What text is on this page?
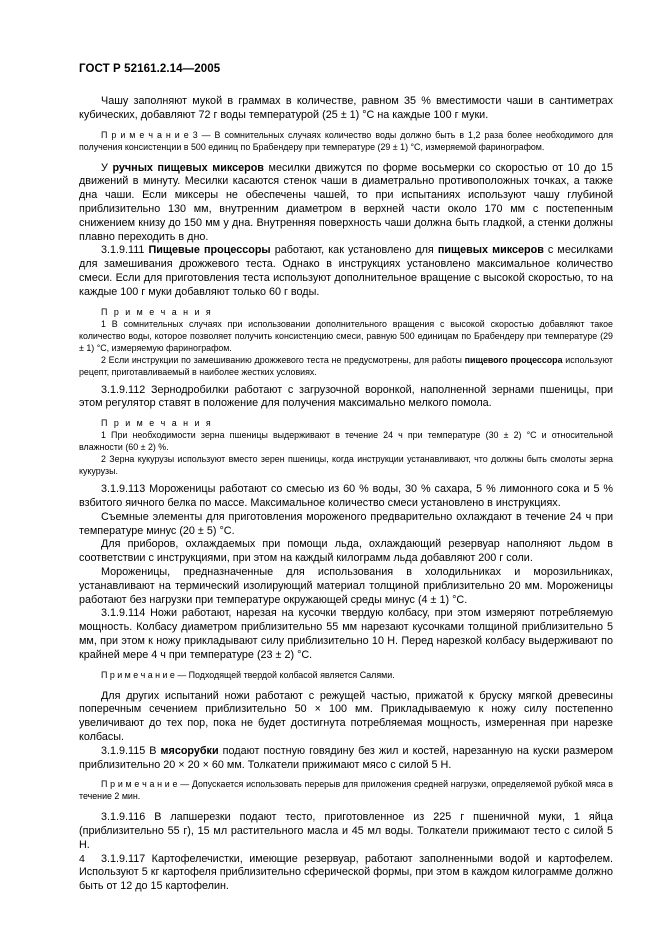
ГОСТ Р 52161.2.14—2005

Чашу заполняют мукой в граммах в количестве, равном 35 % вместимости чаши в сантиметрах кубических, добавляют 72 г воды температурой (25 ± 1) °С на каждые 100 г муки.

П р и м е ч а н и е 3 — В сомнительных случаях количество воды должно быть в 1,2 раза более необходимого для получения консистенции в 500 единиц по Брабендеру при температуре (29 ± 1) °С, измеряемой фаринографом.

У ручных пищевых миксеров месилки движутся по форме восьмерки со скоростью от 10 до 15 движений в минуту. Месилки касаются стенок чаши в диаметрально противоположных точках, а также дна чаши. Если миксеры не обеспечены чашей, то при испытаниях используют чашу глубиной приблизительно 130 мм, внутренним диаметром в верхней части около 170 мм с постепенным снижением книзу до 150 мм у дна. Внутренняя поверхность чаши должна быть гладкой, а стенки должны плавно переходить в дно.

3.1.9.111 Пищевые процессоры работают, как установлено для пищевых миксеров с месилками для замешивания дрожжевого теста. Однако в инструкциях установлено максимальное количество смеси. Если для приготовления теста используют дополнительное вращение с высокой скоростью, то на каждые 100 г муки добавляют только 60 г воды.

П р и м е ч а н и я

1 В сомнительных случаях при использовании дополнительного вращения с высокой скоростью добавляют такое количество воды, которое позволяет получить консистенцию смеси, равную 500 единицам по Брабендеру при температуре (29 ± 1) °С, измеряемую фаринографом.

2 Если инструкции по замешиванию дрожжевого теста не предусмотрены, для работы пищевого процессора используют рецепт, приготавливаемый в наиболее жестких условиях.

3.1.9.112 Зернодробилки работают с загрузочной воронкой, наполненной зернами пшеницы, при этом регулятор ставят в положение для получения максимально мелкого помола.

П р и м е ч а н и я

1 При необходимости зерна пшеницы выдерживают в течение 24 ч при температуре (30 ± 2) °С и относительной влажности (60 ± 2) %.

2 Зерна кукурузы используют вместо зерен пшеницы, когда инструкции устанавливают, что должны быть смолоты зерна кукурузы.

3.1.9.113 Мороженицы работают со смесью из 60 % воды, 30 % сахара, 5 % лимонного сока и 5 % взбитого яичного белка по массе. Максимальное количество смеси установлено в инструкциях.

Съемные элементы для приготовления мороженого предварительно охлаждают в течение 24 ч при температуре минус (20 ± 5) °С.

Для приборов, охлаждаемых при помощи льда, охлаждающий резервуар наполняют льдом в соответствии с инструкциями, при этом на каждый килограмм льда добавляют 200 г соли.

Мороженицы, предназначенные для использования в холодильниках и морозильниках, устанавливают на термический изолирующий материал толщиной приблизительно 20 мм. Мороженицы работают без нагрузки при температуре окружающей среды минус (4 ± 1) °С.

3.1.9.114 Ножи работают, нарезая на кусочки твердую колбасу, при этом измеряют потребляемую мощность. Колбасу диаметром приблизительно 55 мм нарезают кусочками толщиной приблизительно 5 мм, при этом к ножу прикладывают силу приблизительно 10 Н. Перед нарезкой колбасу выдерживают по крайней мере 4 ч при температуре (23 ± 2) °С.

П р и м е ч а н и е — Подходящей твердой колбасой является Салями.

Для других испытаний ножи работают с режущей частью, прижатой к бруску мягкой древесины поперечным сечением приблизительно 50 × 100 мм. Прикладываемую к ножу силу постепенно увеличивают до тех пор, пока не будет достигнута потребляемая мощность, измеренная при нарезке колбасы.

3.1.9.115 В мясорубки подают постную говядину без жил и костей, нарезанную на куски размером приблизительно 20 × 20 × 60 мм. Толкатели прижимают мясо с силой 5 Н.

П р и м е ч а н и е — Допускается использовать перерыв для приложения средней нагрузки, определяемой рубкой мяса в течение 2 мин.

3.1.9.116 В лапшерезки подают тесто, приготовленное из 225 г пшеничной муки, 1 яйца (приблизительно 55 г), 15 мл растительного масла и 45 мл воды. Толкатели прижимают тесто с силой 5 Н.

3.1.9.117 Картофелечистки, имеющие резервуар, работают заполненными водой и картофелем. Используют 5 кг картофеля приблизительно сферической формы, при этом в каждом килограмме должно быть от 12 до 15 картофелин.

4
